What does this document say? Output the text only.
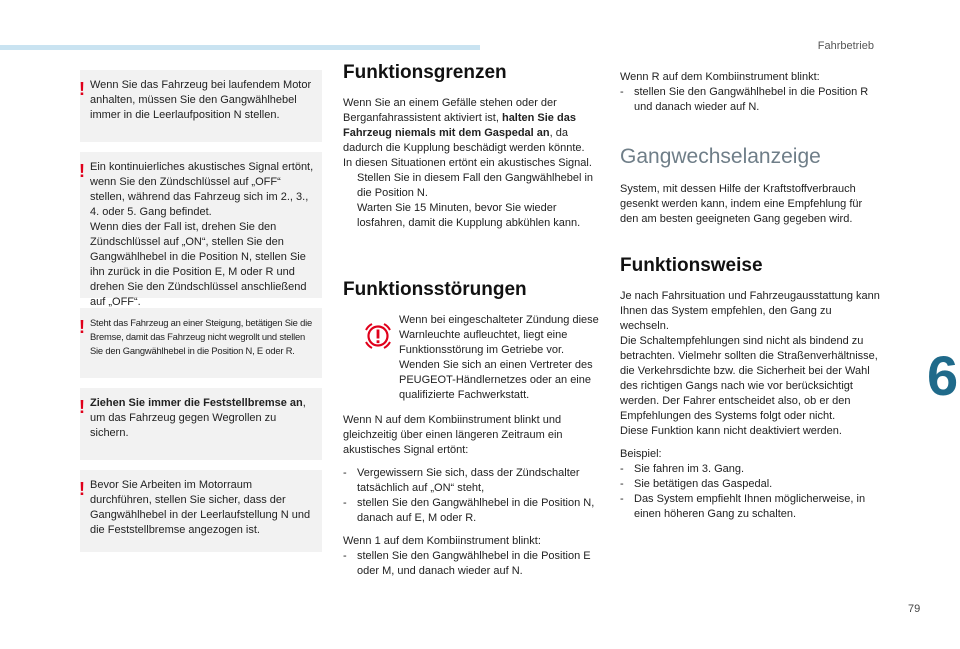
Fahrbetrieb
6
79
! Wenn Sie das Fahrzeug bei laufendem Motor anhalten, müssen Sie den Gangwählhebel immer in die Leerlaufposition N stellen.

! Ein kontinuierliches akustisches Signal ertönt, wenn Sie den Zündschlüssel auf „OFF“ stellen, während das Fahrzeug sich im 2., 3., 4. oder 5. Gang befindet.

Wenn dies der Fall ist, drehen Sie den Zündschlüssel auf „ON“, stellen Sie den Gangwählhebel in die Position N, stellen Sie ihn zurück in die Position E, M oder R und drehen Sie den Zündschlüssel anschließend auf „OFF“.

! Steht das Fahrzeug an einer Steigung, betätigen Sie die Bremse, damit das Fahrzeug nicht wegrollt und stellen Sie den Gangwählhebel in die Position N, E oder R.

! Ziehen Sie immer die Feststellbremse an, um das Fahrzeug gegen Wegrollen zu sichern.

! Bevor Sie Arbeiten im Motorraum durchführen, stellen Sie sicher, dass der Gangwählhebel in der Leerlaufstellung N und die Feststellbremse angezogen ist.

Funktionsgrenzen

Wenn Sie an einem Gefälle stehen oder der Berganfahrassistent aktiviert ist, halten Sie das Fahrzeug niemals mit dem Gaspedal an, da dadurch die Kupplung beschädigt werden könnte.

In diesen Situationen ertönt ein akustisches Signal.

Stellen Sie in diesem Fall den Gangwählhebel in die Position N.
Warten Sie 15 Minuten, bevor Sie wieder losfahren, damit die Kupplung abkühlen kann.
Funktionsstörungen

Wenn bei eingeschalteter Zündung diese Warnleuchte aufleuchtet, liegt eine Funktionsstörung im Getriebe vor. Wenden Sie sich an einen Vertreter des PEUGEOT-Händlernetzes oder an eine qualifizierte Fachwerkstatt.

Wenn N auf dem Kombiinstrument blinkt und gleichzeitig über einen längeren Zeitraum ein akustisches Signal ertönt:

- Vergewissern Sie sich, dass der Zündschalter tatsächlich auf „ON“ steht,
- stellen Sie den Gangwählhebel in die Position N, danach auf E, M oder R.

Wenn 1 auf dem Kombiinstrument blinkt:

- stellen Sie den Gangwählhebel in die Position E oder M, und danach wieder auf N.

Wenn R auf dem Kombiinstrument blinkt:

- stellen Sie den Gangwählhebel in die Position R und danach wieder auf N.
Gangwechselanzeige

System, mit dessen Hilfe der Kraftstoffverbrauch gesenkt werden kann, indem eine Empfehlung für den am besten geeigneten Gang gegeben wird.

Funktionsweise

Je nach Fahrsituation und Fahrzeugausstattung kann Ihnen das System empfehlen, den Gang zu wechseln.

Die Schaltempfehlungen sind nicht als bindend zu betrachten. Vielmehr sollten die Straßenverhältnisse, die Verkehrsdichte bzw. die Sicherheit bei der Wahl des richtigen Gangs nach wie vor berücksichtigt werden. Der Fahrer entscheidet also, ob er den Empfehlungen des Systems folgt oder nicht.

Diese Funktion kann nicht deaktiviert werden.

Beispiel:

- Sie fahren im 3. Gang.
- Sie betätigen das Gaspedal.
- Das System empfiehlt Ihnen möglicherweise, in einen höheren Gang zu schalten.
